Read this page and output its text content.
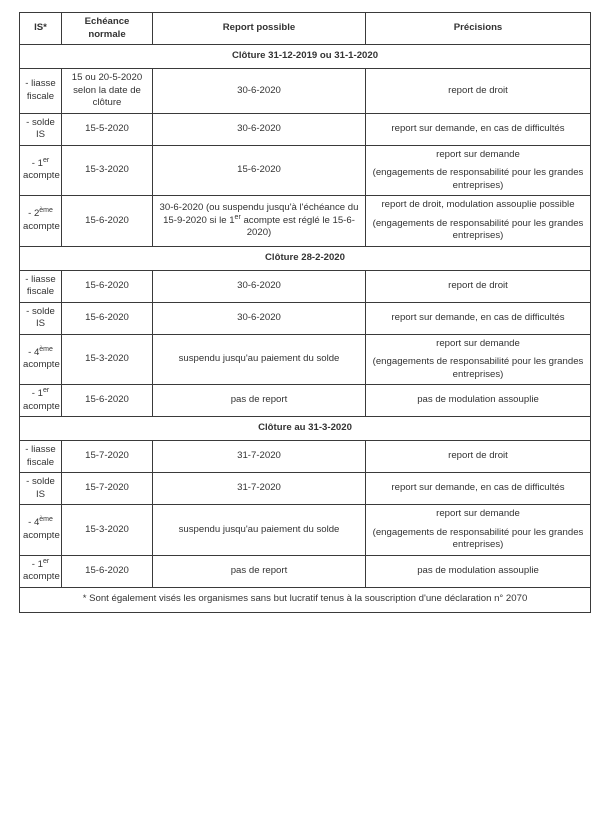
IS*	Echéance normale	Report possible	Précisions
Clôture 31-12-2019 ou 31-1-2020			
- liasse
fiscale	15 ou 20-5-2020 selon la date de clôture	30-6-2020	report de droit
- solde
IS	15-5-2020	30-6-2020	report sur demande, en cas de difficultés
- 1er
acompte	15-3-2020	15-6-2020	report sur demande
(engagements de responsabilité pour les grandes entreprises)

- 2ème
acompte	15-6-2020	30-6-2020 (ou suspendu jusqu'à l'échéance du 15-9-2020 si le 1er acompte est réglé le 15-6-2020)	report de droit, modulation assouplie possible
(engagements de responsabilité pour les grandes entreprises)

Clôture 28-2-2020			
- liasse
fiscale	15-6-2020	30-6-2020	report de droit
- solde
IS	15-6-2020	30-6-2020	report sur demande, en cas de difficultés
- 4ème
acompte	15-3-2020	suspendu jusqu'au paiement du solde	report sur demande
(engagements de responsabilité pour les grandes entreprises)

- 1er
acompte	15-6-2020	pas de report	pas de modulation assouplie
Clôture au 31-3-2020			
- liasse
fiscale	15-7-2020	31-7-2020	report de droit
- solde
IS	15-7-2020	31-7-2020	report sur demande, en cas de difficultés
- 4ème
acompte	15-3-2020	suspendu jusqu'au paiement du solde	report sur demande
(engagements de responsabilité pour les grandes entreprises)

- 1er
acompte	15-6-2020	pas de report	pas de modulation assouplie
* Sont également visés les organismes sans but lucratif tenus à la souscription d'une déclaration n° 2070			
